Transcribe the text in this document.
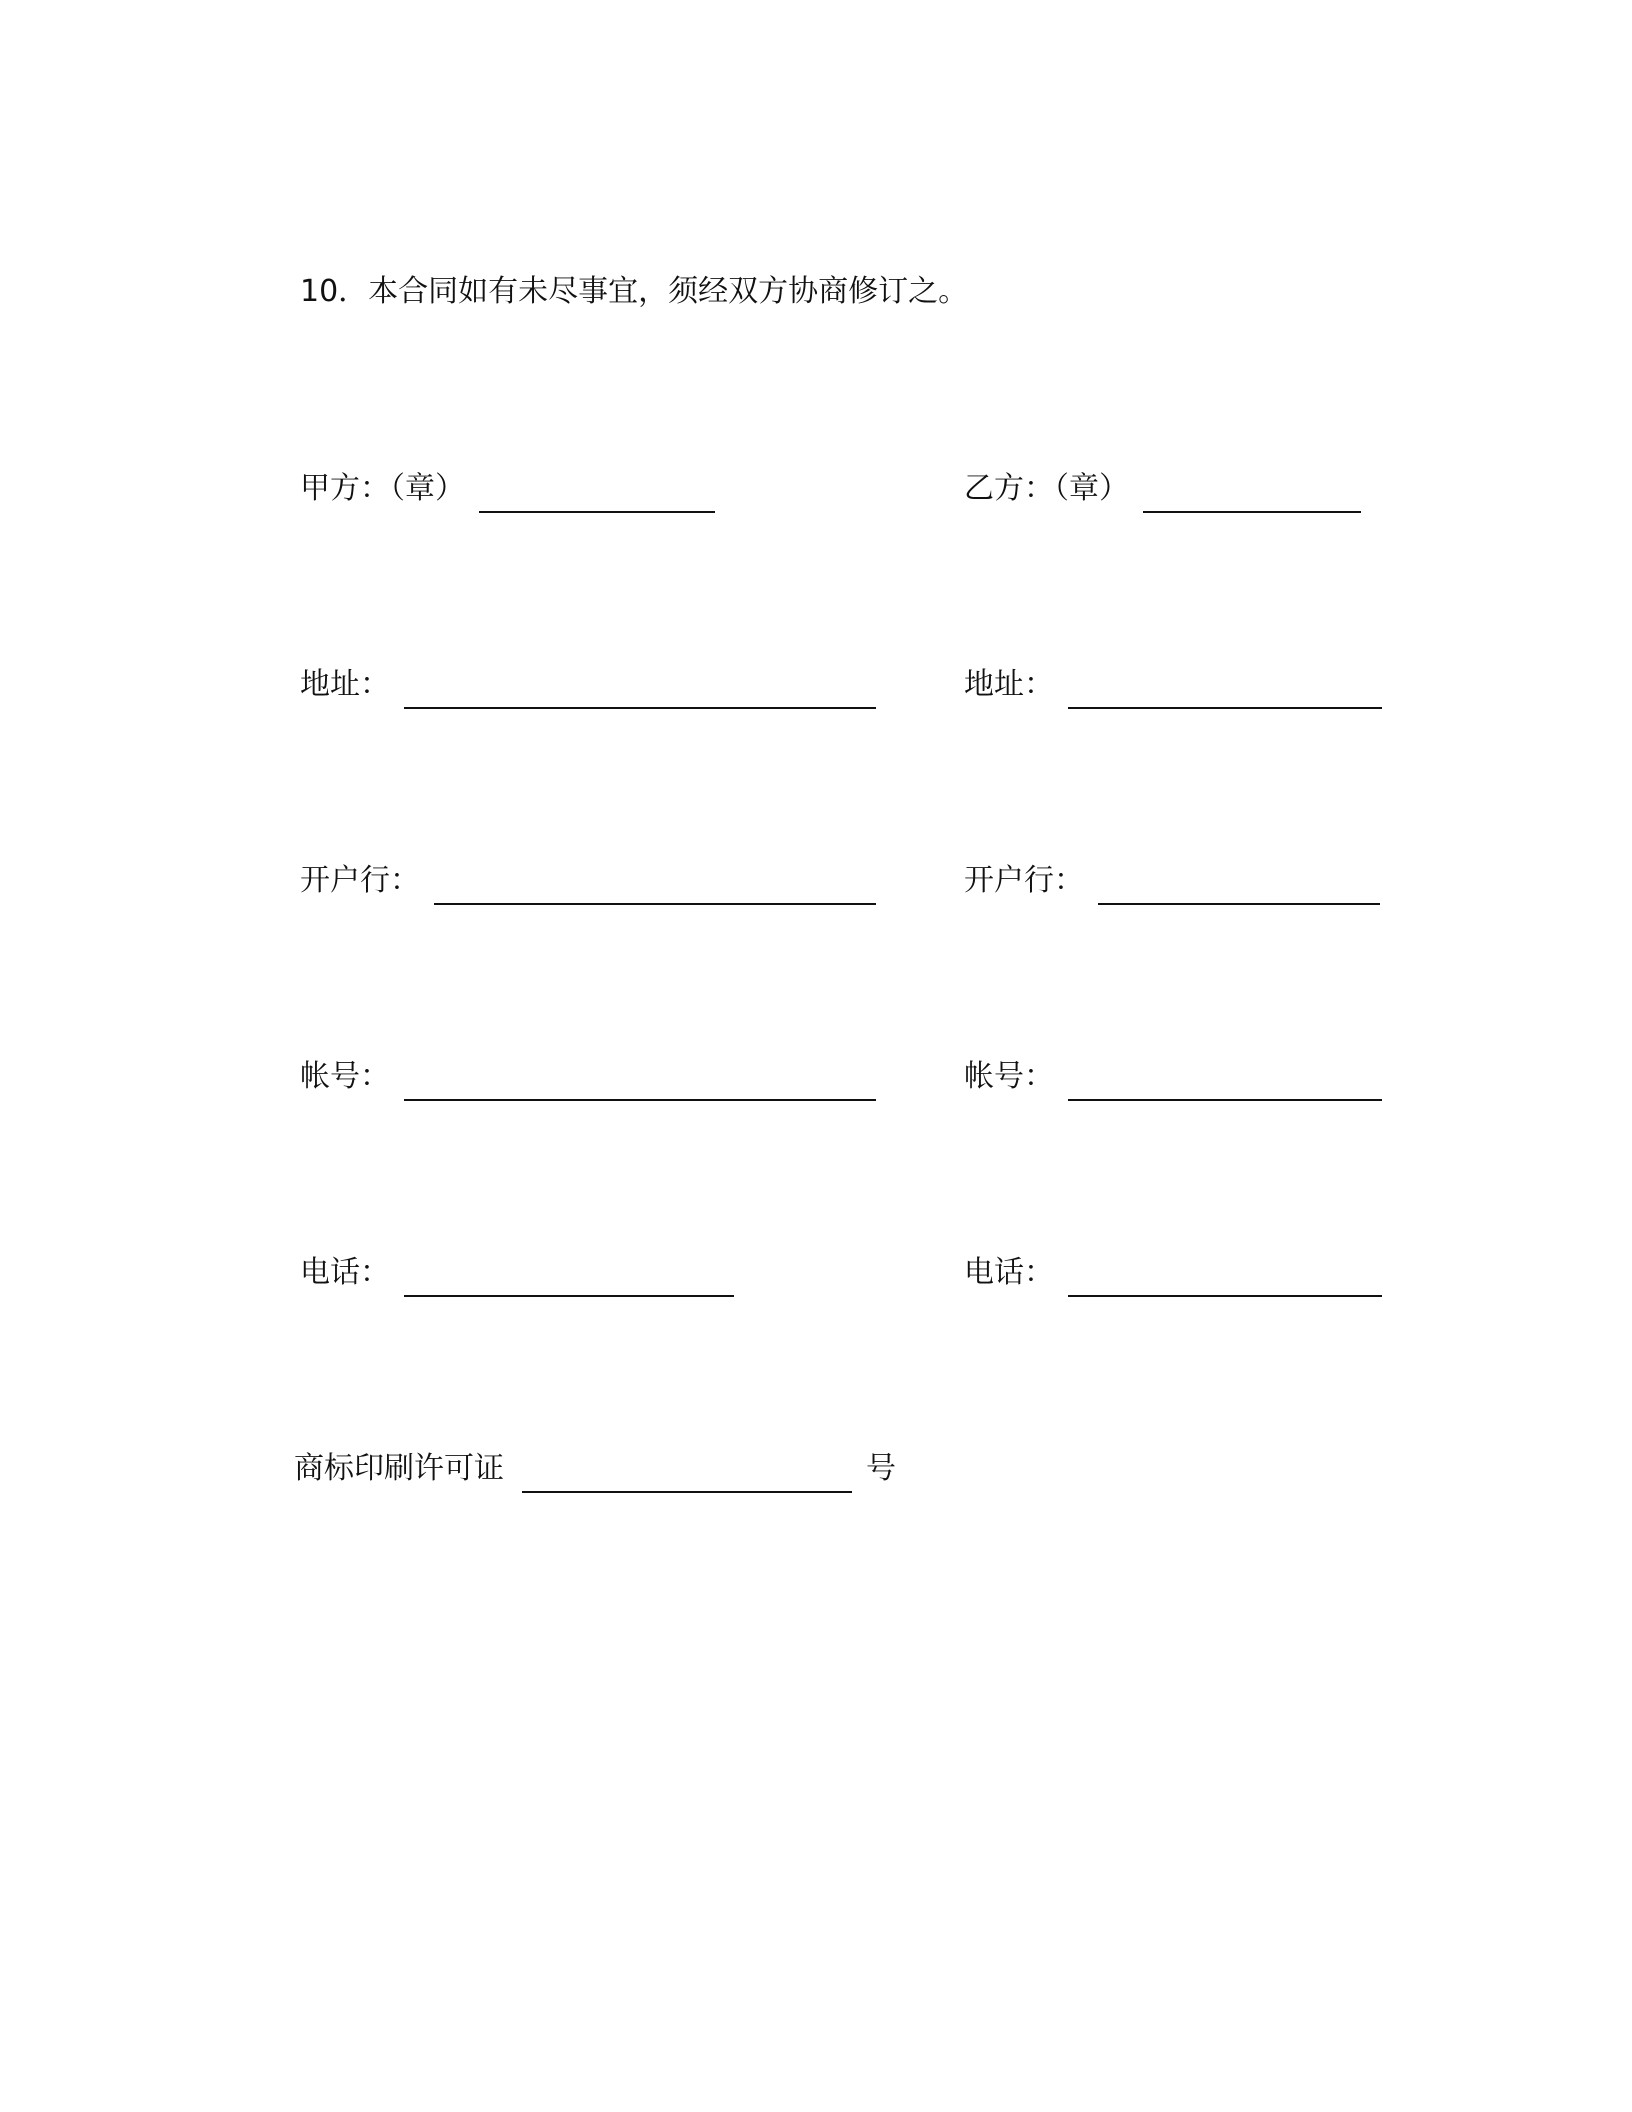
10．本合同如有未尽事宜，须经双方协商修订之。
甲方：（章）
地址：
开户行：
帐号：
电话：
乙方：（章）
地址：
开户行：
帐号：
电话：
商标印刷许可证	号
